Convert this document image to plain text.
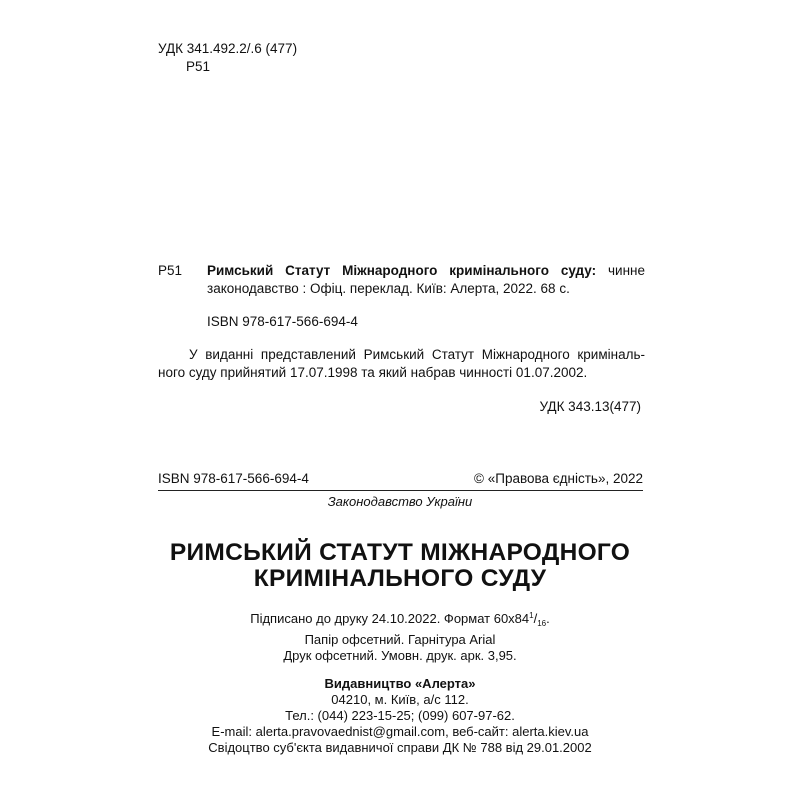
УДК 341.492.2/.6 (477)
Р51
Р51 Римський Статут Міжнародного кримінального суду: чинне законодавство : Офіц. переклад. Київ: Алерта, 2022. 68 с.
ISBN 978-617-566-694-4
У виданні представлений Римський Статут Міжнародного криміналь-ного суду прийнятий 17.07.1998 та який набрав чинності 01.07.2002.
УДК 343.13(477)
ISBN 978-617-566-694-4	© «Правова єдність», 2022
Законодавство України
РИМСЬКИЙ СТАТУТ МІЖНАРОДНОГО
КРИМІНАЛЬНОГО СУДУ
Підписано до друку 24.10.2022. Формат $60х84^1/_{16}$.
Папір офсетний. Гарнітура Arial
Друк офсетний. Умовн. друк. арк. 3,95.
Видавництво «Алерта»
04210, м. Київ, а/с 112.
Тел.: (044) 223-15-25; (099) 607-97-62.
E-mail: alerta.pravovaednist@gmail.com, веб-сайт: alerta.kiev.ua
Свідоцтво суб'єкта видавничої справи ДК № 788 від 29.01.2002
